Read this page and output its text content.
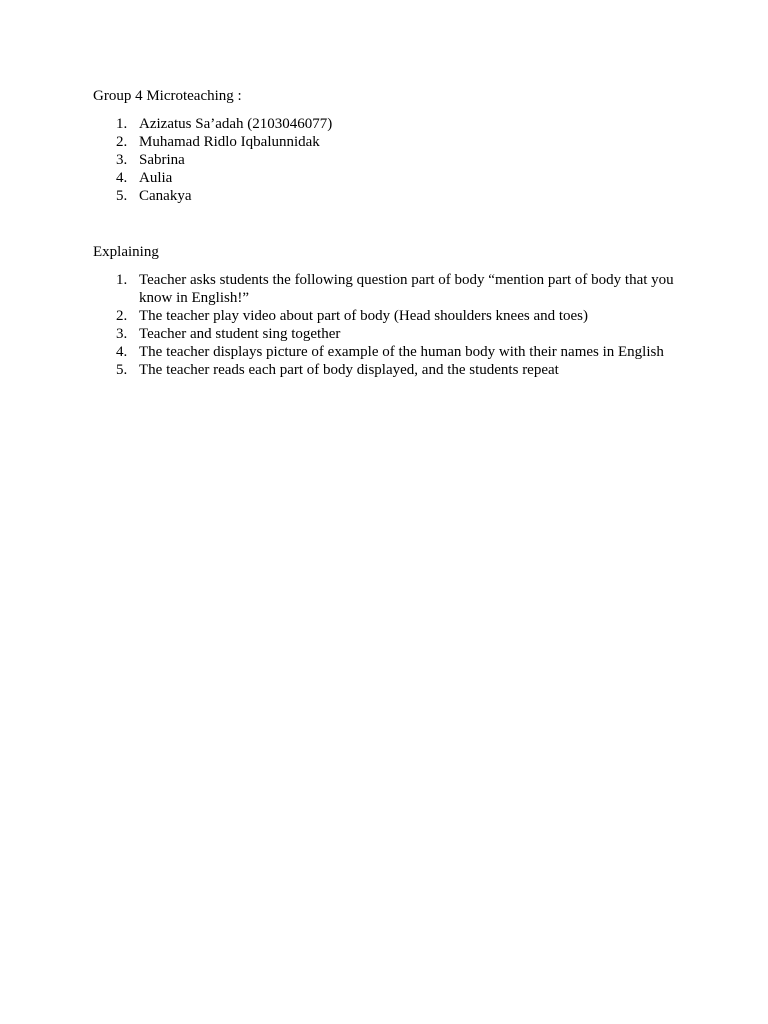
Group 4 Microteaching :

1. Azizatus Sa’adah (2103046077)
2. Muhamad Ridlo Iqbalunnidak
3. Sabrina
4. Aulia
5. Canakya

Explaining

1. Teacher asks students the following question part of body “mention part of body that you know in English!”
2. The teacher play video about part of body (Head shoulders knees and toes)
3. Teacher and student sing together
4. The teacher displays picture of example of the human body with their names in English
5. The teacher reads each part of body displayed, and the students repeat
